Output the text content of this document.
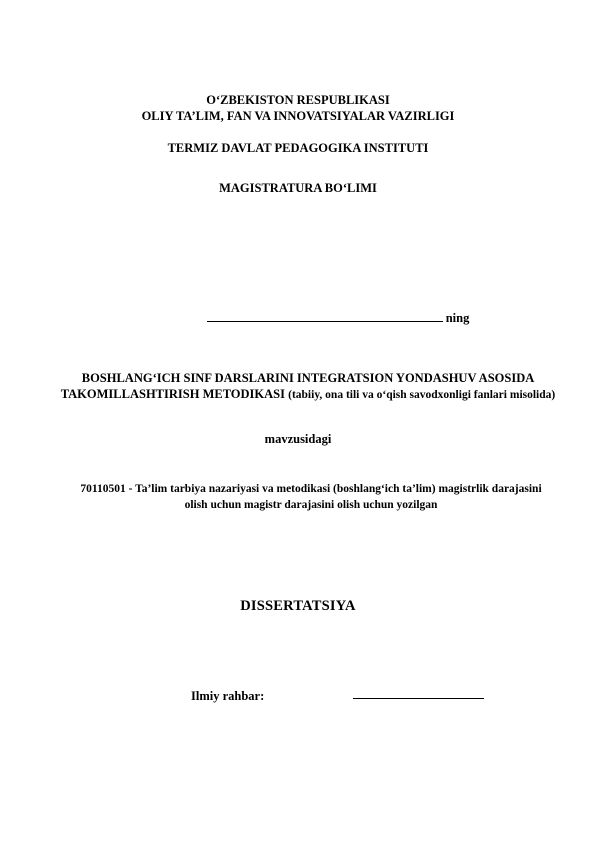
O‘ZBEKISTON RESPUBLIKASI
OLIY TA’LIM, FAN VA INNOVATSIYALAR VAZIRLIGI
TERMIZ DAVLAT PEDAGOGIKA INSTITUTI
MAGISTRATURA BO‘LIMI
ning
BOSHLANG‘ICH SINF DARSLARINI INTEGRATSION YONDASHUV ASOSIDA TAKOMILLASHTIRISH METODIKASI (tabiiy, ona tili va o‘qish savodxonligi fanlari misolida)
mavzusidagi
70110501 - Ta’lim tarbiya nazariyasi va metodikasi (boshlang‘ich ta’lim) magistrlik darajasini olish uchun magistr darajasini olish uchun yozilgan
DISSERTATSIYA
Ilmiy rahbar:
